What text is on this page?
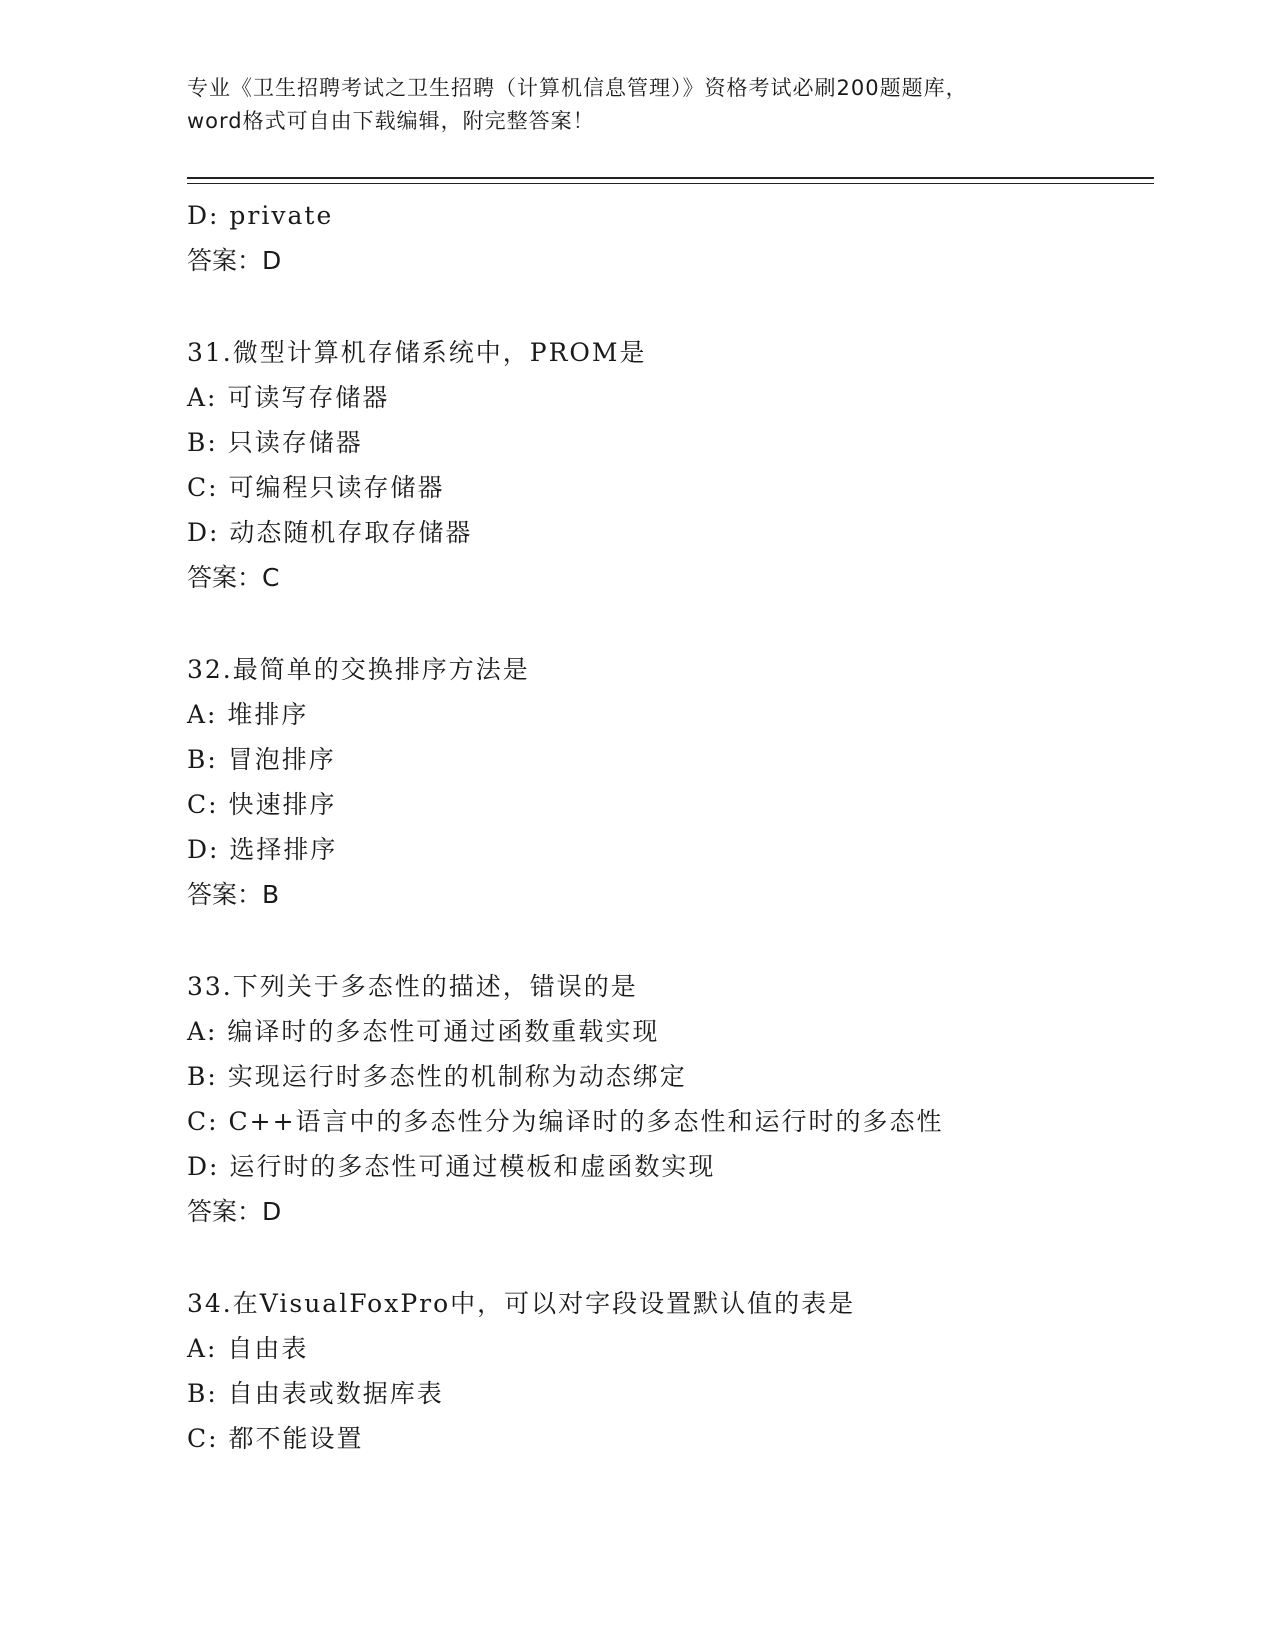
专业《卫生招聘考试之卫生招聘（计算机信息管理）》资格考试必刷200题题库，
word格式可自由下载编辑，附完整答案！
D: private
答案：D
31.微型计算机存储系统中，PROM是
A: 可读写存储器
B: 只读存储器
C: 可编程只读存储器
D: 动态随机存取存储器
答案：C
32.最简单的交换排序方法是
A: 堆排序
B: 冒泡排序
C: 快速排序
D: 选择排序
答案：B
33.下列关于多态性的描述，错误的是
A: 编译时的多态性可通过函数重载实现
B: 实现运行时多态性的机制称为动态绑定
C: C++语言中的多态性分为编译时的多态性和运行时的多态性
D: 运行时的多态性可通过模板和虚函数实现
答案：D
34.在VisualFoxPro中，可以对字段设置默认值的表是
A: 自由表
B: 自由表或数据库表
C: 都不能设置
